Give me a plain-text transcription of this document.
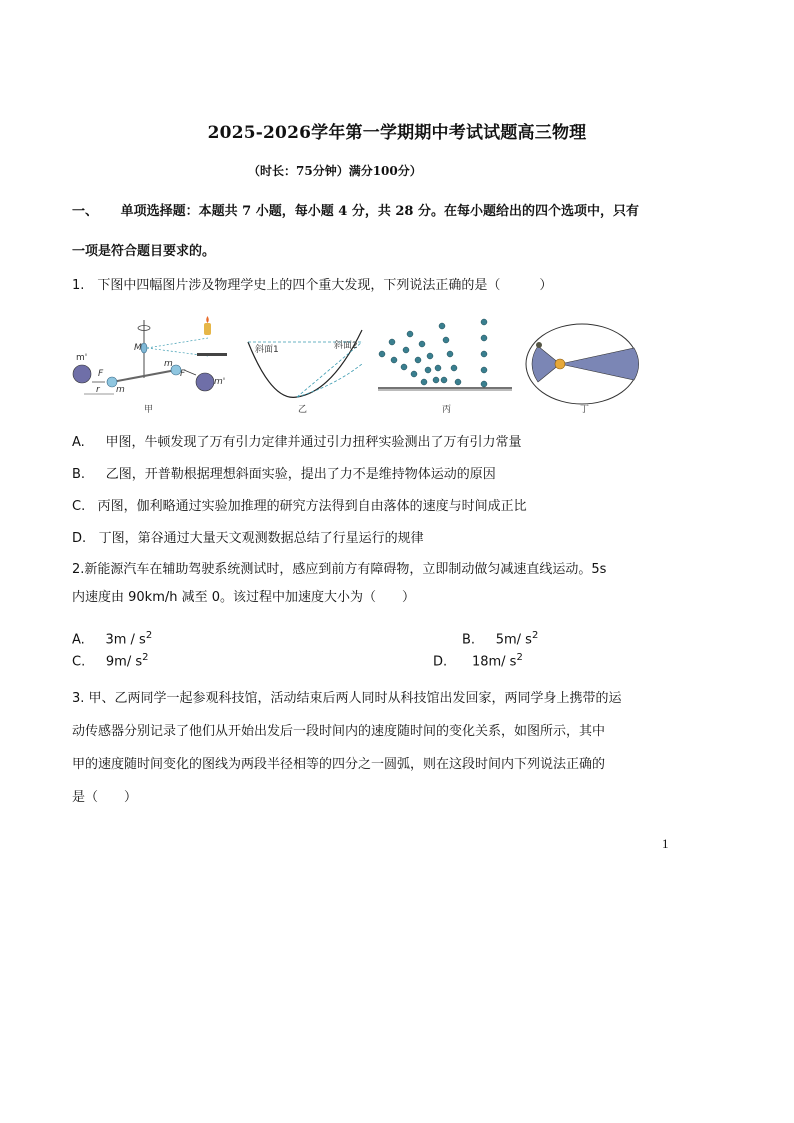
2025-2026学年第一学期期中考试试题高三物理
（时长：75分钟）满分100分）
一、 单项选择题：本题共 7 小题，每小题 4 分，共 28 分。在每小题给出的四个选项中，只有
一项是符合题目要求的。
1.　下图中四幅图片涉及物理学史上的四个重大发现，下列说法正确的是（　　　）
m'
F
m
r
M
F
m
m'
甲
斜面1	斜面2
乙	丙	丁
A. 甲图，牛顿发现了万有引力定律并通过引力扭秤实验测出了万有引力常量
B. 乙图，开普勒根据理想斜面实验，提出了力不是维持物体运动的原因
C. 丙图，伽利略通过实验加推理的研究方法得到自由落体的速度与时间成正比
D. 丁图，第谷通过大量天文观测数据总结了行星运行的规律
2.新能源汽车在辅助驾驶系统测试时，感应到前方有障碍物，立即制动做匀减速直线运动。5s
内速度由 90km/h 减至 0。该过程中加速度大小为（　　）
A. $3m / s^2$	B. 5m/ $s^2$
C. 9m/ $s^2$	D. 18m/ $s^2$
3. 甲、乙两同学一起参观科技馆，活动结束后两人同时从科技馆出发回家，两同学身上携带的运
动传感器分别记录了他们从开始出发后一段时间内的速度随时间的变化关系，如图所示，其中
甲的速度随时间变化的图线为两段半径相等的四分之一圆弧，则在这段时间内下列说法正确的
是（　　）
1
